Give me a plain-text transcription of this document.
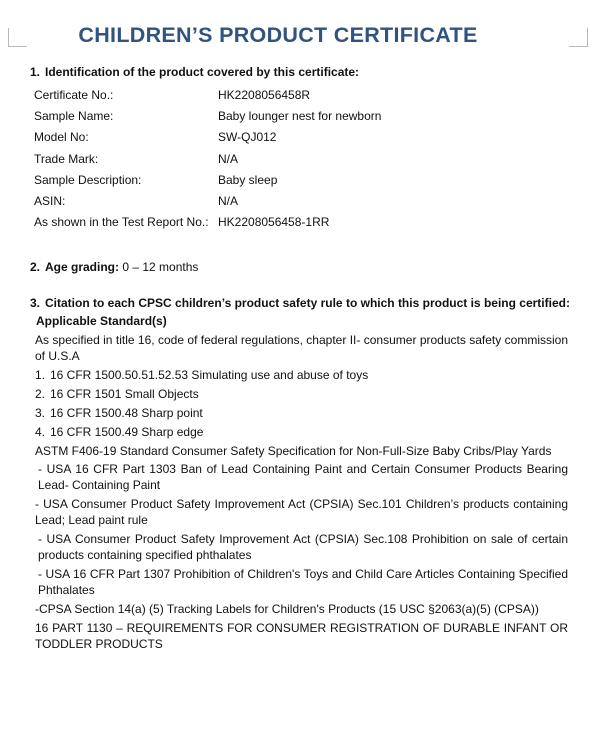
CHILDREN’S PRODUCT CERTIFICATE
1. Identification of the product covered by this certificate:
Certificate No.:	HK2208056458R
Sample Name:	Baby lounger nest for newborn
Model No:	SW-QJ012
Trade Mark:	N/A
Sample Description:	Baby sleep
ASIN:	N/A
As shown in the Test Report No.: HK2208056458-1RR
2. Age grading: 0 – 12 months
3. Citation to each CPSC children’s product safety rule to which this product is being certified:
Applicable Standard(s)
As specified in title 16, code of federal regulations, chapter II- consumer products safety commission of U.S.A
1. 16 CFR 1500.50.51.52.53 Simulating use and abuse of toys
2. 16 CFR 1501 Small Objects
3. 16 CFR 1500.48 Sharp point
4. 16 CFR 1500.49 Sharp edge
ASTM F406-19 Standard Consumer Safety Specification for Non-Full-Size Baby Cribs/Play Yards
- USA 16 CFR Part 1303 Ban of Lead Containing Paint and Certain Consumer Products Bearing Lead- Containing Paint
- USA Consumer Product Safety Improvement Act (CPSIA) Sec.101 Children’s products containing Lead; Lead paint rule
- USA Consumer Product Safety Improvement Act (CPSIA) Sec.108 Prohibition on sale of certain products containing specified phthalates
- USA 16 CFR Part 1307 Prohibition of Children's Toys and Child Care Articles Containing Specified Phthalates
-CPSA Section 14(a) (5) Tracking Labels for Children's Products (15 USC §2063(a)(5) (CPSA))
16 PART 1130 – REQUIREMENTS FOR CONSUMER REGISTRATION OF DURABLE INFANT OR TODDLER PRODUCTS
